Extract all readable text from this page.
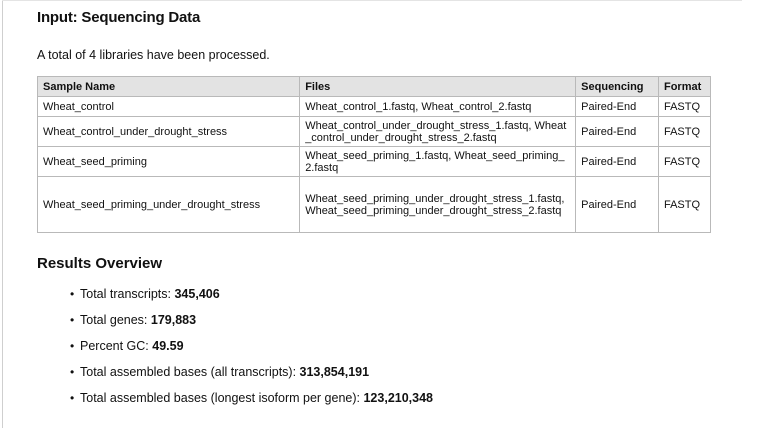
Input: Sequencing Data
A total of 4 libraries have been processed.
Sample Name	Files	Sequencing	Format
Wheat_control	Wheat_control_1.fastq, Wheat_control_2.fastq	Paired-End	FASTQ
Wheat_control_under_drought_stress	Wheat_control_under_drought_stress_1.fastq, Wheat_control_under_drought_stress_2.fastq	Paired-End	FASTQ
Wheat_seed_priming	Wheat_seed_priming_1.fastq, Wheat_seed_priming_2.fastq	Paired-End	FASTQ
Wheat_seed_priming_under_drought_stress	Wheat_seed_priming_under_drought_stress_1.fastq, Wheat_seed_priming_under_drought_stress_2.fastq	Paired-End	FASTQ
Results Overview
• Total transcripts: 345,406
• Total genes: 179,883
• Percent GC: 49.59
• Total assembled bases (all transcripts): 313,854,191
• Total assembled bases (longest isoform per gene): 123,210,348
